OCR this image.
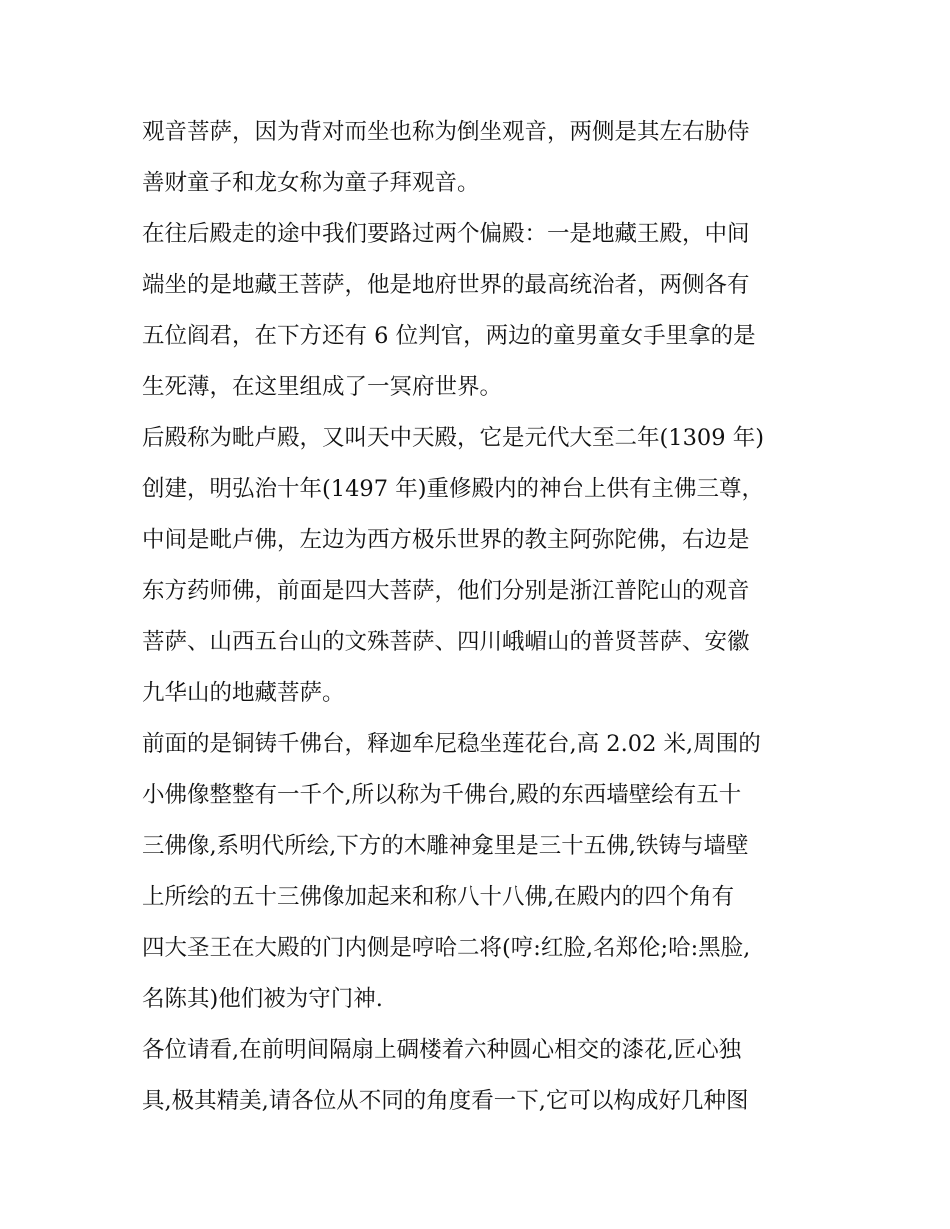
观音菩萨，因为背对而坐也称为倒坐观音，两侧是其左右胁侍
善财童子和龙女称为童子拜观音。
在往后殿走的途中我们要路过两个偏殿：一是地藏王殿，中间
端坐的是地藏王菩萨，他是地府世界的最高统治者，两侧各有
五位阎君，在下方还有 6 位判官，两边的童男童女手里拿的是
生死薄，在这里组成了一冥府世界。
后殿称为毗卢殿，又叫天中天殿，它是元代大至二年(1309 年)
创建，明弘治十年(1497 年)重修殿内的神台上供有主佛三尊，
中间是毗卢佛，左边为西方极乐世界的教主阿弥陀佛，右边是
东方药师佛，前面是四大菩萨，他们分别是浙江普陀山的观音
菩萨、山西五台山的文殊菩萨、四川峨嵋山的普贤菩萨、安徽
九华山的地藏菩萨。
前面的是铜铸千佛台，释迦牟尼稳坐莲花台,高 2.02 米,周围的
小佛像整整有一千个,所以称为千佛台,殿的东西墙壁绘有五十
三佛像,系明代所绘,下方的木雕神龛里是三十五佛,铁铸与墙壁
上所绘的五十三佛像加起来和称八十八佛,在殿内的四个角有
四大圣王在大殿的门内侧是哼哈二将(哼:红脸,名郑伦;哈:黑脸,
名陈其)他们被为守门神.
各位请看,在前明间隔扇上碉楼着六种圆心相交的漆花,匠心独
具,极其精美,请各位从不同的角度看一下,它可以构成好几种图
